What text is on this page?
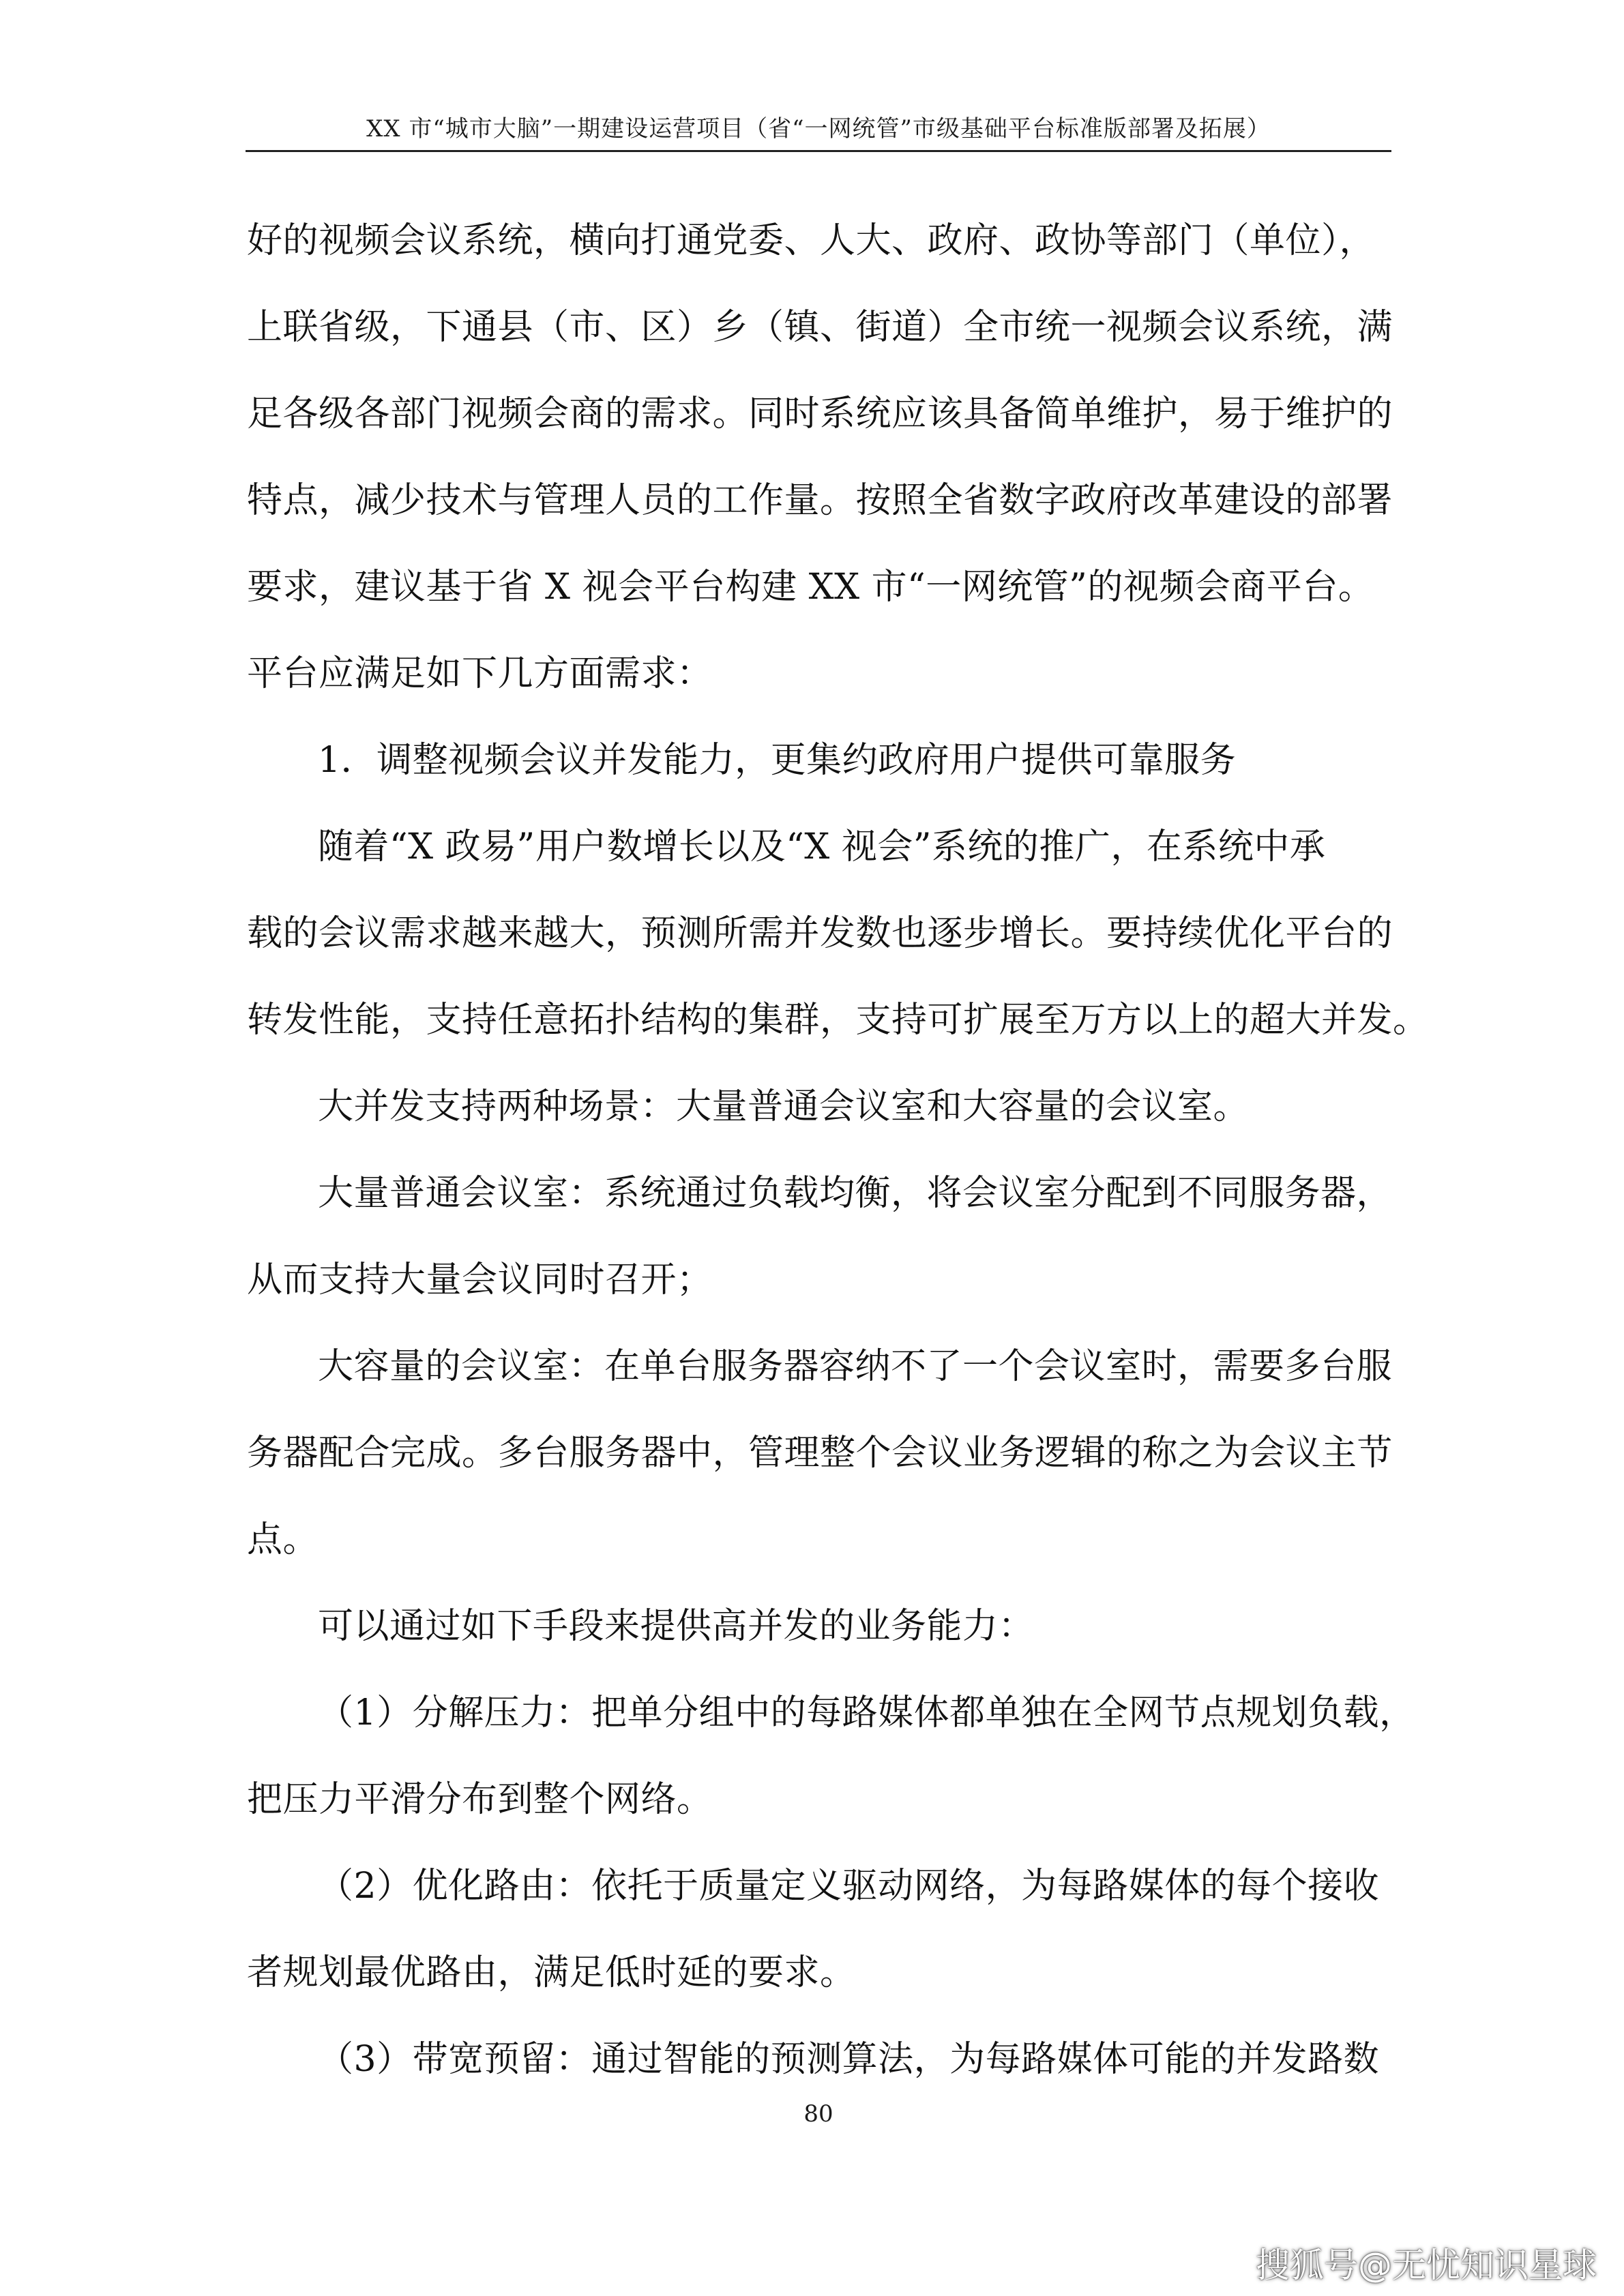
XX 市“城市大脑”一期建设运营项目（省“一网统管”市级基础平台标准版部署及拓展）
好的视频会议系统，横向打通党委、人大、政府、政协等部门（单位），
上联省级，下通县（市、区）乡（镇、街道）全市统一视频会议系统，满
足各级各部门视频会商的需求。同时系统应该具备简单维护，易于维护的
特点，减少技术与管理人员的工作量。按照全省数字政府改革建设的部署
要求，建议基于省 X 视会平台构建 XX 市“一网统管”的视频会商平台。
平台应满足如下几方面需求：
1．调整视频会议并发能力，更集约政府用户提供可靠服务
随着“X 政易”用户数增长以及“X 视会”系统的推广，在系统中承
载的会议需求越来越大，预测所需并发数也逐步增长。要持续优化平台的
转发性能，支持任意拓扑结构的集群，支持可扩展至万方以上的超大并发。
大并发支持两种场景：大量普通会议室和大容量的会议室。
大量普通会议室：系统通过负载均衡，将会议室分配到不同服务器，
从而支持大量会议同时召开；
大容量的会议室：在单台服务器容纳不了一个会议室时，需要多台服
务器配合完成。多台服务器中，管理整个会议业务逻辑的称之为会议主节
点。
可以通过如下手段来提供高并发的业务能力：
（1）分解压力：把单分组中的每路媒体都单独在全网节点规划负载，
把压力平滑分布到整个网络。
（2）优化路由：依托于质量定义驱动网络，为每路媒体的每个接收
者规划最优路由，满足低时延的要求。
（3）带宽预留：通过智能的预测算法，为每路媒体可能的并发路数
80
搜狐号@无忧知识星球
